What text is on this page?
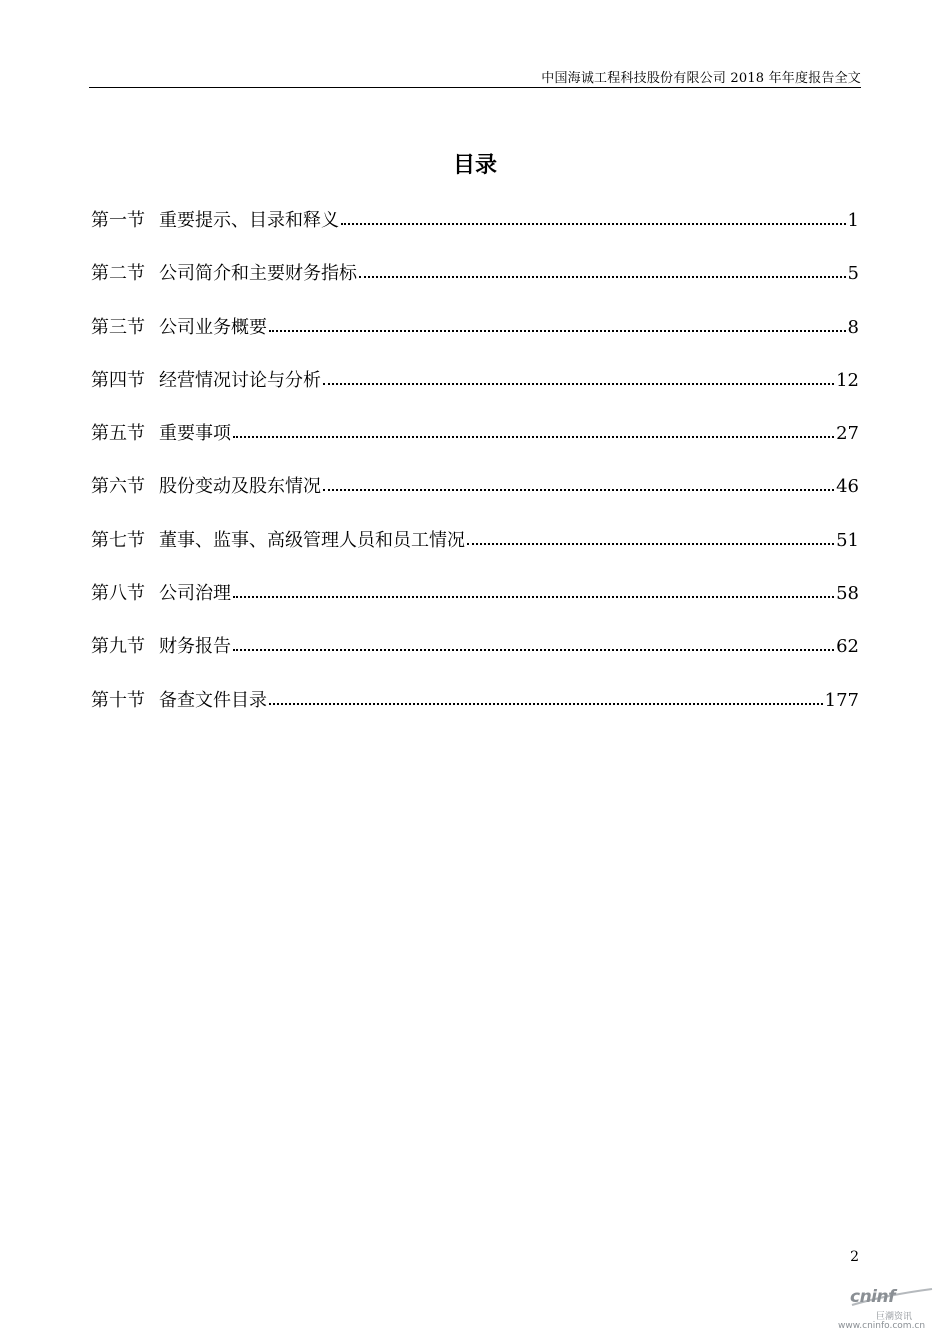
中国海诚工程科技股份有限公司 2018 年年度报告全文
目录
第一节 重要提示、目录和释义	1
第二节 公司简介和主要财务指标	5
第三节 公司业务概要	8
第四节 经营情况讨论与分析	12
第五节 重要事项	27
第六节 股份变动及股东情况	46
第七节 董事、监事、高级管理人员和员工情况	51
第八节 公司治理	58
第九节 财务报告	62
第十节 备查文件目录	177
2
cninf
巨潮资讯
www.cninfo.com.cn
